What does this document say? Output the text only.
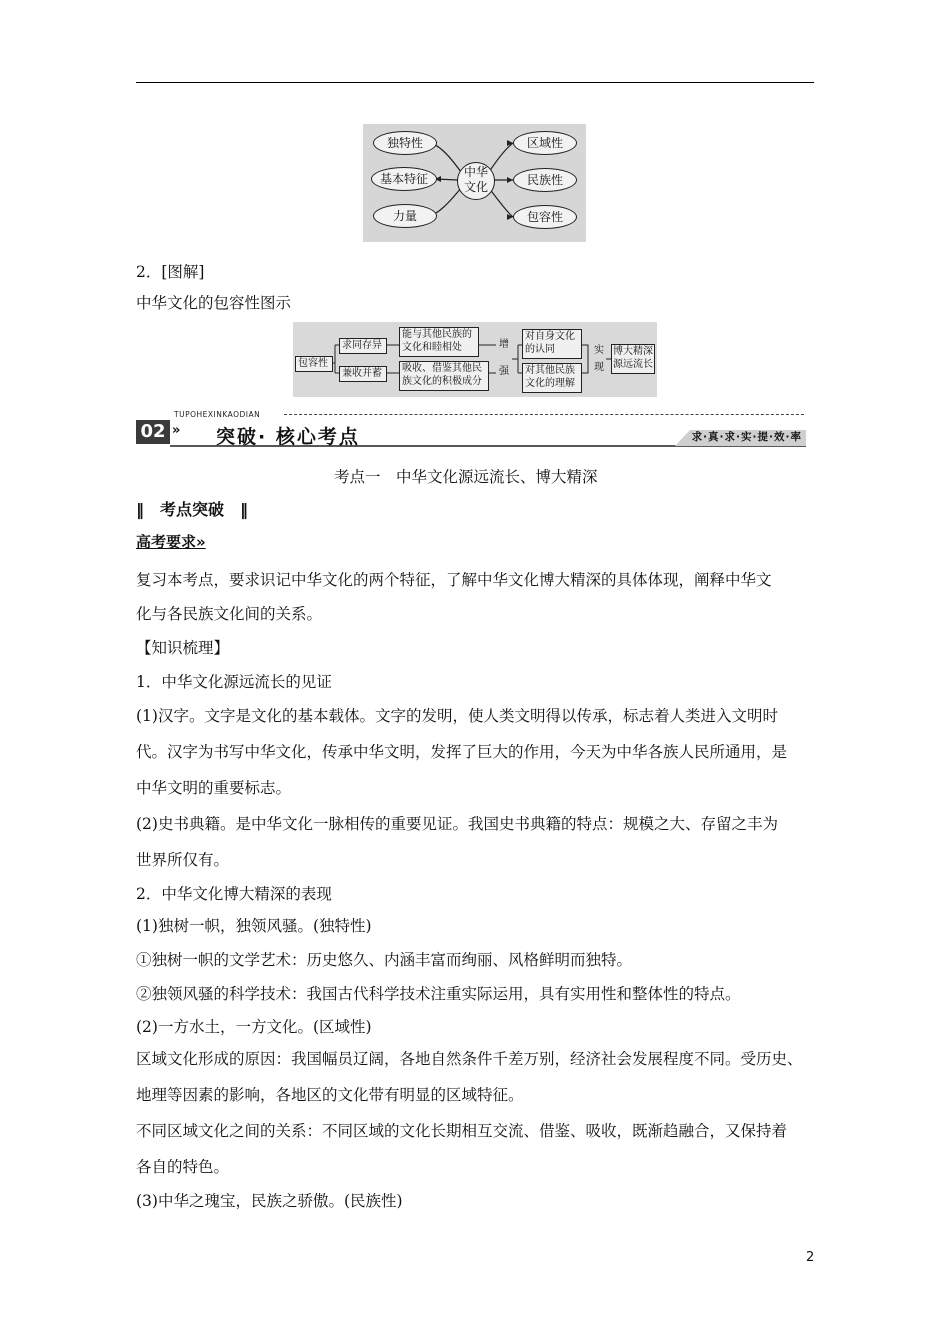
独特性
基本特征
力量
中华
文化
区域性
民族性
包容性
2．[图解]
中华文化的包容性图示
包容性
求同存异
兼收并蓄
能与其他民族的
文化和睦相处
吸收、借鉴其他民
族文化的积极成分
增
强
对自身文化
的认同
对其他民族
文化的理解
实
现
博大精深
源远流长
02 »
TUPOHEXINKAODIAN
突破· 核心考点	求·真·求·实·提·效·率
考点一　中华文化源远流长、博大精深
‖　考点突破　‖
高考要求»
复习本考点，要求识记中华文化的两个特征，了解中华文化博大精深的具体体现，阐释中华文
化与各民族文化间的关系。
【知识梳理】
1．中华文化源远流长的见证
(1)汉字。文字是文化的基本载体。文字的发明，使人类文明得以传承，标志着人类进入文明时
代。汉字为书写中华文化，传承中华文明，发挥了巨大的作用，今天为中华各族人民所通用，是
中华文明的重要标志。
(2)史书典籍。是中华文化一脉相传的重要见证。我国史书典籍的特点：规模之大、存留之丰为
世界所仅有。
2．中华文化博大精深的表现
(1)独树一帜，独领风骚。(独特性)
①独树一帜的文学艺术：历史悠久、内涵丰富而绚丽、风格鲜明而独特。
②独领风骚的科学技术：我国古代科学技术注重实际运用，具有实用性和整体性的特点。
(2)一方水土，一方文化。(区域性)
区域文化形成的原因：我国幅员辽阔，各地自然条件千差万别，经济社会发展程度不同。受历史、
地理等因素的影响，各地区的文化带有明显的区域特征。
不同区域文化之间的关系：不同区域的文化长期相互交流、借鉴、吸收，既渐趋融合，又保持着
各自的特色。
(3)中华之瑰宝，民族之骄傲。(民族性)
2
